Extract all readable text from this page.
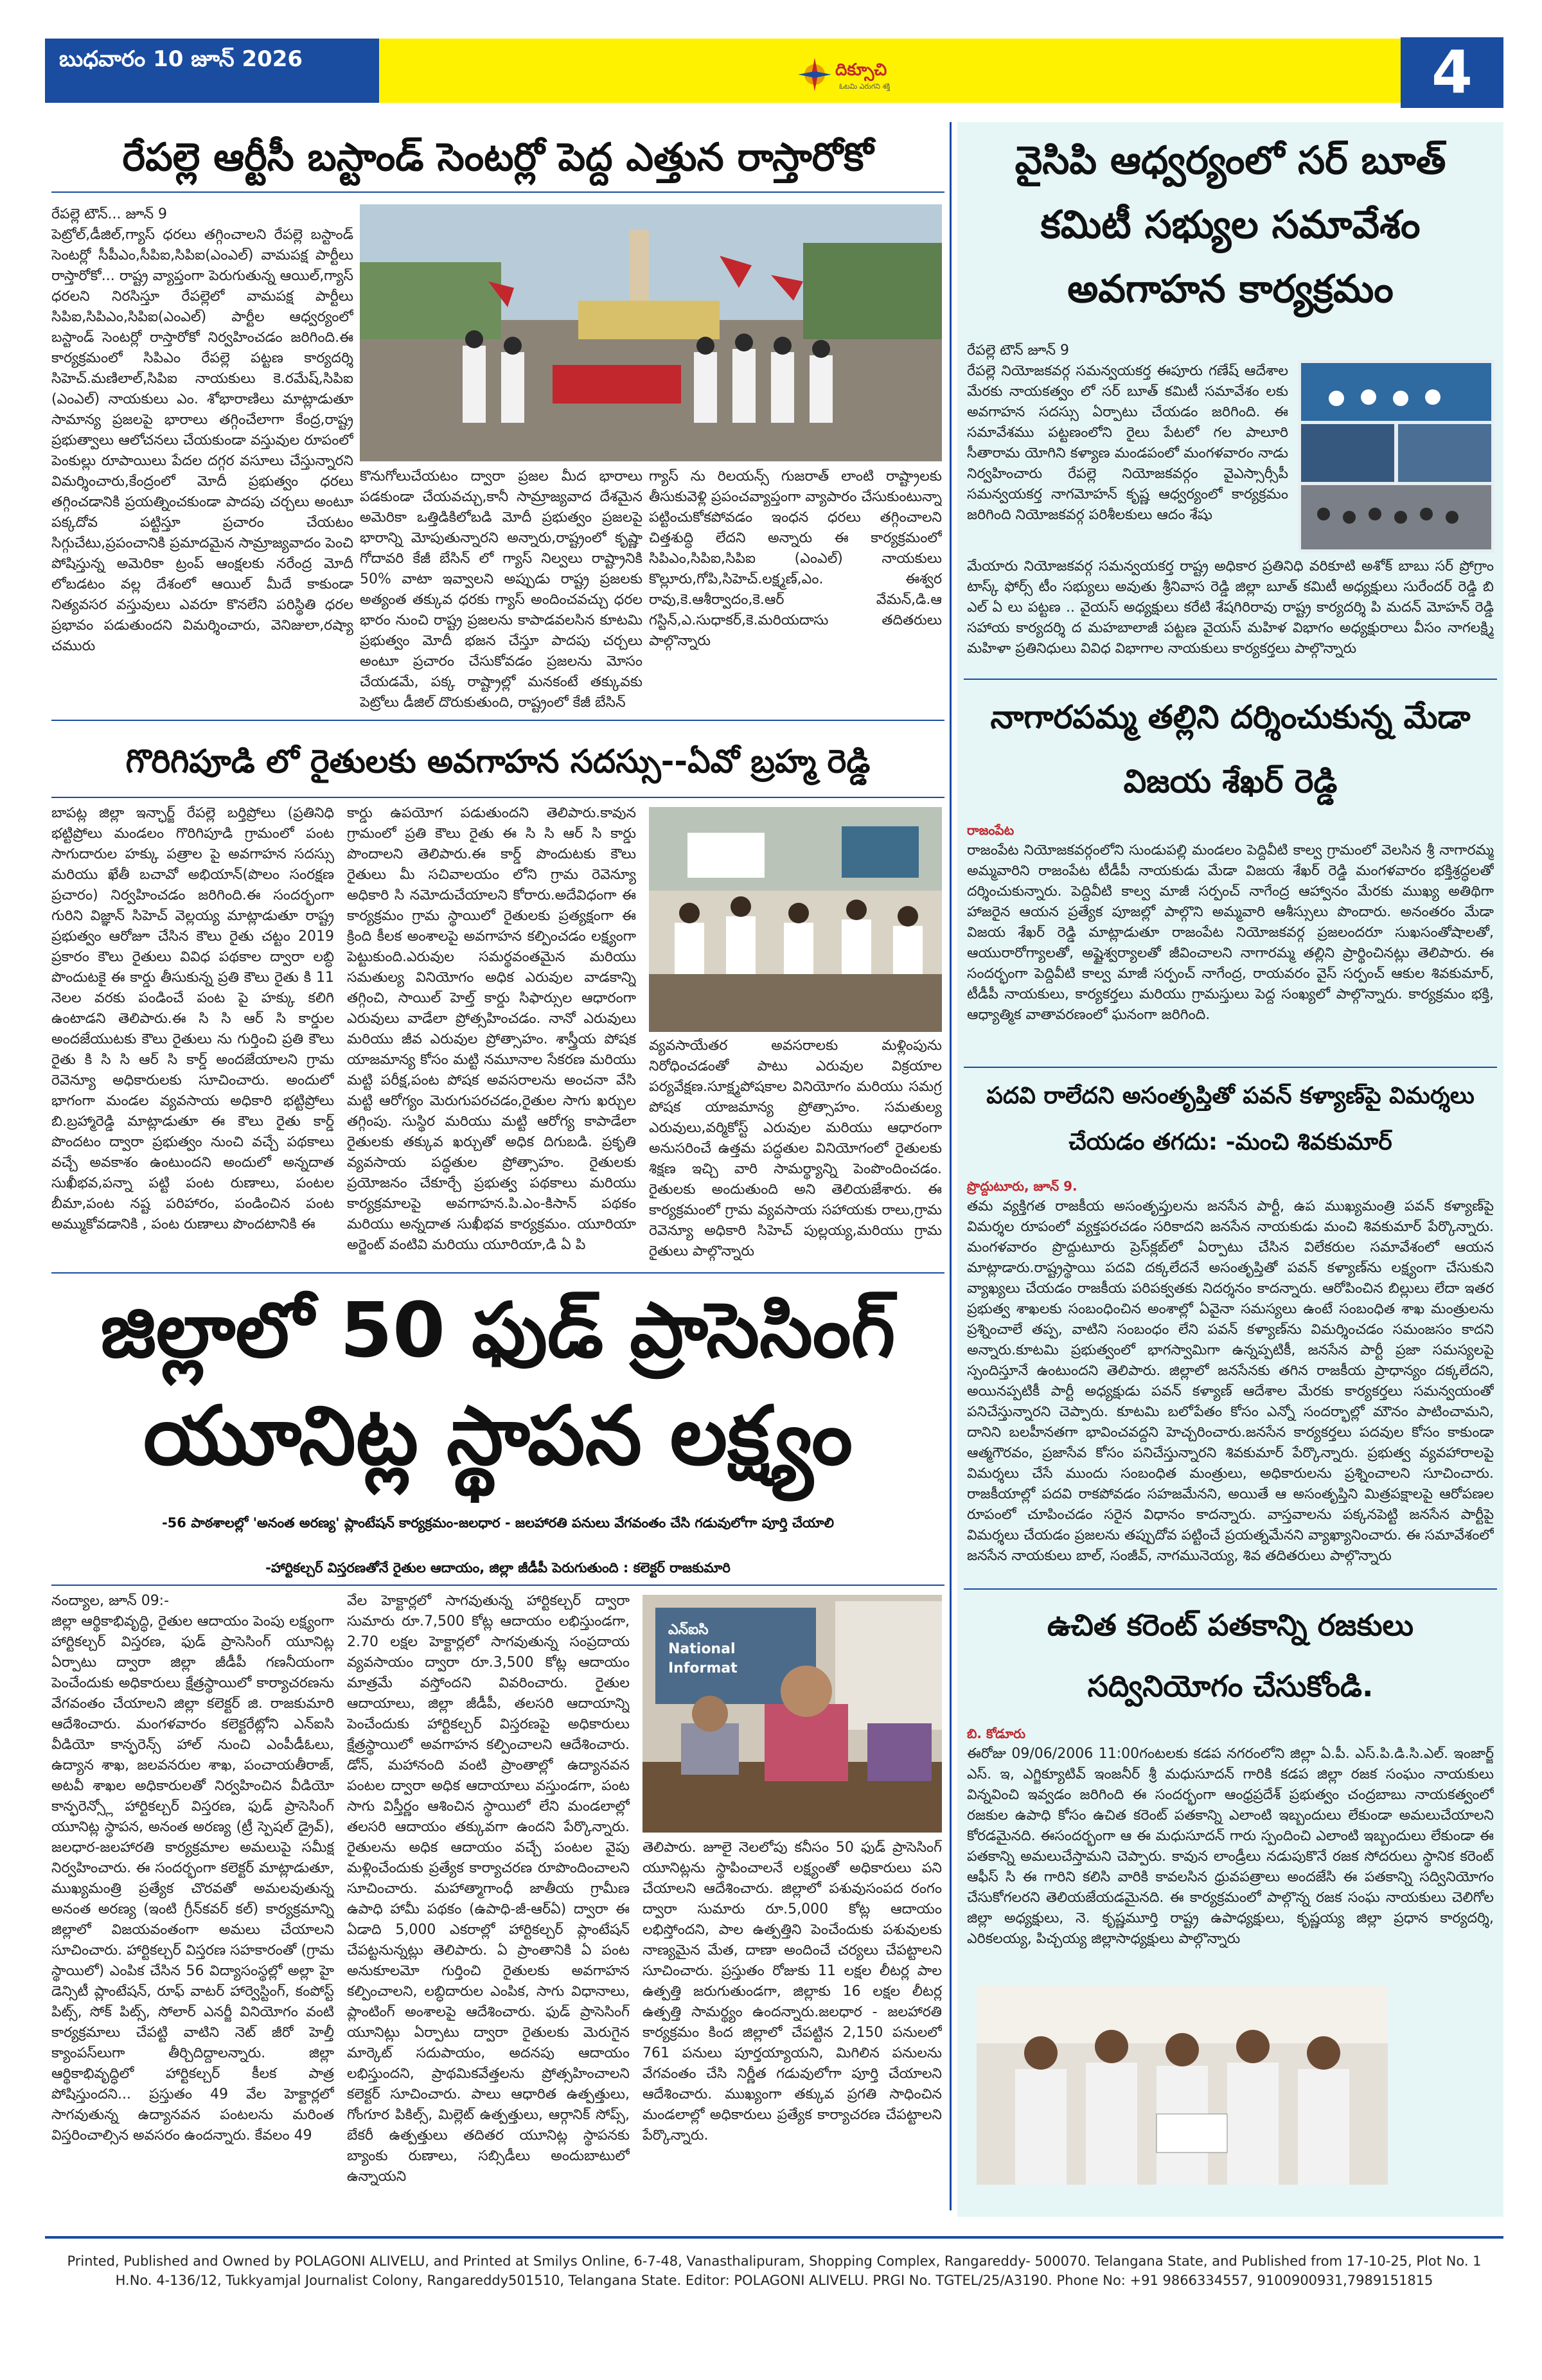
బుధవారం 10 జూన్ 2026	దిక్సూచి
ఓటమి ఎరుగని శక్తి	4
రేపల్లె ఆర్టీసీ బస్టాండ్ సెంటర్లో పెద్ద ఎత్తున రాస్తారోకో
రేపల్లె టౌన్... జూన్ 9
పెట్రోల్,డీజిల్,గ్యాస్ ధరలు తగ్గించాలని రేపల్లె బస్టాండ్ సెంటర్లో సీపీఎం,సీపిఐ,సిపిఐ(ఎంఎల్) వామపక్ష పార్టీలు రాస్తారోకో... రాష్ట్ర వ్యాప్తంగా పెరుగుతున్న ఆయిల్,గ్యాస్ ధరలని నిరసిస్తూ రేపల్లెలో వామపక్ష పార్టీలు సిపిఐ,సిపిఎం,సిపిఐ(ఎంఎల్) పార్టీల ఆధ్వర్యంలో బస్టాండ్ సెంటర్లో రాస్తారోకో నిర్వహించడం జరిగింది.ఈ కార్యక్రమంలో సిపిఎం రేపల్లె పట్టణ కార్యదర్శి సిహెచ్.మణిలాల్,సిపిఐ నాయకులు కె.రమేష్,సిపిఐ (ఎంఎల్) నాయకులు ఎం. శోభారాణిలు మాట్లాడుతూ సామాన్య ప్రజలపై భారాలు తగ్గించేలాగా కేంద్ర,రాష్ట్ర ప్రభుత్వాలు ఆలోచనలు చేయకుండా వస్తువుల రూపంలో పెంకుల్లు రూపాయిలు పేదల దగ్గర వసూలు చేస్తున్నారని విమర్శించారు,కేంద్రంలో మోదీ ప్రభుత్వం ధరలు తగ్గించడానికి ప్రయత్నించకుండా పాదపు చర్చలు అంటూ పక్కదోవ పట్టిస్తూ ప్రచారం చేయటం సిగ్గుచేటు,ప్రపంచానికి ప్రమాదమైన సామ్రాజ్యవాదం పెంచి పోషిస్తున్న అమెరికా ట్రంప్ ఆంక్షలకు నరేంద్ర మోదీ లోబడటం వల్ల దేశంలో ఆయిల్ మీదే కాకుండా నిత్యవసర వస్తువులు ఎవరూ కొనలేని పరిస్థితి ధరల ప్రభావం పడుతుందని విమర్శించారు, వెనిజులా,రష్యా చమురు
కొనుగోలుచేయటం ద్వారా ప్రజల మీద భారాలు పడకుండా చేయవచ్చు,కానీ సామ్రాజ్యవాద దేశమైన అమెరికా ఒత్తిడికిలోబడి మోదీ ప్రభుత్వం ప్రజలపై భారాన్ని మోపుతున్నారని అన్నారు,రాష్ట్రంలో కృష్ణా గోదావరి కేజీ బేసిన్ లో గ్యాస్ నిల్వలు రాష్ట్రానికి 50% వాటా ఇవ్వాలని అప్పుడు రాష్ట్ర ప్రజలకు అత్యంత తక్కువ ధరకు గ్యాస్ అందించవచ్చు ధరల భారం నుంచి రాష్ట్ర ప్రజలను కాపాడవలసిన కూటమి ప్రభుత్వం మోదీ భజన చేస్తూ పాదపు చర్చలు అంటూ ప్రచారం చేసుకోవడం ప్రజలను మోసం చేయడమే, పక్క రాష్ట్రాల్లో మనకంటే తక్కువకు పెట్రోలు డీజిల్ దొరుకుతుంది, రాష్ట్రంలో కేజీ బేసిన్
గ్యాస్ ను రిలయన్స్ గుజరాత్ లాంటి రాష్ట్రాలకు తీసుకువెళ్లి ప్రపంచవ్యాప్తంగా వ్యాపారం చేసుకుంటున్నా పట్టించుకోకపోవడం ఇంధన ధరలు తగ్గించాలని చిత్తశుద్ధి లేదని అన్నారు ఈ కార్యక్రమంలో సిపిఎం,సిపిఐ,సిపిఐ (ఎంఎల్) నాయకులు కొల్లూరు,గోపి,సిహెచ్.లక్ష్మణ్,ఎం. ఈశ్వర రావు,కె.ఆశీర్వాదం,కె.ఆర్ వేమన్,డి.ఆ గస్టిన్,ఎ.సుధాకర్,కె.మరియదాసు తదితరులు పాల్గొన్నారు
గొరిగిపూడి లో రైతులకు అవగాహన సదస్సు--ఏవో బ్రహ్మ రెడ్డి
బాపట్ల జిల్లా ఇన్ఛార్జ్ రేపల్లె బర్తిప్రోలు (ప్రతినిధి భట్టిప్రోలు మండలం గొరిగిపూడి గ్రామంలో పంట సాగుదారుల హక్కు పత్రాల పై అవగాహన సదస్సు మరియు ఖేతీ బచావో అభియాన్(పొలం సంరక్షణ ప్రచారం) నిర్వహించడం జరిగింది.ఈ సందర్భంగా గురిని విజ్ఞాన్ సిహెచ్ వెల్లయ్య మాట్లాడుతూ రాష్ట్ర ప్రభుత్వం ఆరోజూ చేసిన కౌలు రైతు చట్టం 2019 ప్రకారం కౌలు రైతులు వివిధ పథకాల ద్వారా లబ్ధి పొందుటకై ఈ కార్డు తీసుకున్న ప్రతి కౌలు రైతు కి 11 నెలల వరకు పండించే పంట పై హక్కు కలిగి ఉంటాడని తెలిపారు.ఈ సి సి ఆర్ సి కార్డుల అందజేయుటకు కౌలు రైతులు ను గుర్తించి ప్రతి కౌలు రైతు కి సి సి ఆర్ సి కార్డ్ అందజేయాలని గ్రామ రెవెన్యూ అధికారులకు సూచించారు. అందులో భాగంగా మండల వ్యవసాయ అధికారి భట్టిప్రోలు బి.బ్రహ్మారెడ్డి మాట్లాడుతూ ఈ కౌలు రైతు కార్డ్ పొందటం ద్వారా ప్రభుత్వం నుంచి వచ్చే పథకాలు వచ్చే అవకాశం ఉంటుందని అందులో అన్నదాత సుఖీభవ,పన్నా పట్టి పంట రుణాలు, పంటల బీమా,పంట నష్ట పరిహారం, పండించిన పంట అమ్ముకోవడానికి , పంట రుణాలు పొందటానికి ఈ
కార్డు ఉపయోగ పడుతుందని తెలిపారు.కావున గ్రామంలో ప్రతి కౌలు రైతు ఈ సి సి ఆర్ సి కార్డు పొందాలని తెలిపారు.ఈ కార్డ్ పొందుటకు కౌలు రైతులు మీ సచివాలయం లోని గ్రామ రెవెన్యూ అధికారి సి నమోదుచేయాలని కోరారు.అదేవిధంగా ఈ కార్యక్రమం గ్రామ స్థాయిలో రైతులకు ప్రత్యక్షంగా ఈ క్రింది కీలక అంశాలపై అవగాహన కల్పించడం లక్ష్యంగా పెట్టుకుంది.ఎరువుల సమర్థవంతమైన మరియు సమతుల్య వినియోగం అధిక ఎరువుల వాడకాన్ని తగ్గించి, సాయిల్ హెల్త్ కార్డు సిఫార్సుల ఆధారంగా ఎరువులు వాడేలా ప్రోత్సహించడం. నానో ఎరువులు మరియు జీవ ఎరువుల ప్రోత్సాహం. శాస్త్రీయ పోషక యాజమాన్య కోసం మట్టి నమూనాల సేకరణ మరియు మట్టి పరీక్ష,పంట పోషక అవసరాలను అంచనా వేసి మట్టి ఆరోగ్యం మెరుగుపరచడం,రైతుల సాగు ఖర్చుల తగ్గింపు. సుస్థిర మరియు మట్టి ఆరోగ్య కాపాడేలా రైతులకు తక్కువ ఖర్చుతో అధిక దిగుబడి. ప్రకృతి వ్యవసాయ పద్ధతుల ప్రోత్సాహం. రైతులకు ప్రయోజనం చేకూర్చే ప్రభుత్వ పథకాలు మరియు కార్యక్రమాలపై అవగాహన.పి.ఎం-కిసాన్ పథకం మరియు అన్నదాత సుఖీభవ కార్యక్రమం. యూరియా అర్జెంట్ వంటివి మరియు యూరియా,డి ఏ పి
వ్యవసాయేతర అవసరాలకు మళ్లింపును నిరోధించడంతో పాటు ఎరువుల విక్రయాల పర్యవేక్షణ.సూక్ష్మపోషకాల వినియోగం మరియు సమగ్ర పోషక యాజమాన్య ప్రోత్సాహం. సమతుల్య ఎరువులు,వర్మికోస్ట్ ఎరువుల మరియు ఆధారంగా అనుసరించే ఉత్తమ పద్ధతుల వినియోగంలో రైతులకు శిక్షణ ఇచ్చి వారి సామర్థ్యాన్ని పెంపొందించడం. రైతులకు అందుతుంది అని తెలియజేశారు. ఈ కార్యక్రమంలో గ్రామ వ్యవసాయ సహాయకు రాలు,గ్రామ రెవెన్యూ అధికారి సిహెచ్ పుల్లయ్య,మరియు గ్రామ రైతులు పాల్గొన్నారు
జిల్లాలో 50 ఫుడ్ ప్రాసెసింగ్
యూనిట్ల స్థాపన లక్ష్యం
-56 పాఠశాలల్లో 'అనంత అరణ్య' ప్లాంటేషన్ కార్యక్రమం-జలధార - జలహారతి పనులు వేగవంతం చేసి గడువులోగా పూర్తి చేయాలి
-హార్టికల్చర్ విస్తరణతోనే రైతుల ఆదాయం, జిల్లా జీడీపీ పెరుగుతుంది : కలెక్టర్ రాజకుమారి
నంద్యాల, జూన్ 09:-
జిల్లా ఆర్థికాభివృద్ధి, రైతుల ఆదాయం పెంపు లక్ష్యంగా హార్టికల్చర్ విస్తరణ, ఫుడ్ ప్రాసెసింగ్ యూనిట్ల ఏర్పాటు ద్వారా జిల్లా జీడీపీ గణనీయంగా పెంచేందుకు అధికారులు క్షేత్రస్థాయిలో కార్యాచరణను వేగవంతం చేయాలని జిల్లా కలెక్టర్ జి. రాజకుమారి ఆదేశించారు. మంగళవారం కలెక్టరేట్లోని ఎన్ఐసి వీడియో కాన్ఫరెన్స్ హాల్ నుంచి ఎంపీడీఓలు, ఉద్యాన శాఖ, జలవనరుల శాఖ, పంచాయతీరాజ్, అటవీ శాఖల అధికారులతో నిర్వహించిన వీడియో కాన్ఫరెన్స్లో హార్టికల్చర్ విస్తరణ, ఫుడ్ ప్రాసెసింగ్ యూనిట్ల స్థాపన, అనంత అరణ్య (ట్రీ స్పెషల్ డ్రైవ్), జలధార-జలహారతి కార్యక్రమాల అమలుపై సమీక్ష నిర్వహించారు. ఈ సందర్భంగా కలెక్టర్ మాట్లాడుతూ, ముఖ్యమంత్రి ప్రత్యేక చొరవతో అమలవుతున్న అనంత అరణ్య (ఇంటి గ్రీన్‌కవర్ కల్) కార్యక్రమాన్ని జిల్లాలో విజయవంతంగా అమలు చేయాలని సూచించారు. హార్టికల్చర్ విస్తరణ సహకారంతో (గ్రామ స్థాయిలో) ఎంపిక చేసిన 56 విద్యాసంస్థల్లో అల్లా హై డెన్సిటీ ప్లాంటేషన్, రూఫ్ వాటర్ హార్వెస్టింగ్, కంపోస్ట్ పిట్స్, సోక్ పిట్స్, సోలార్ ఎనర్జీ వినియోగం వంటి కార్యక్రమాలు చేపట్టి వాటిని నెట్ జీరో హెల్తీ క్యాంపస్‌లుగా తీర్చిదిద్దాలన్నారు. జిల్లా ఆర్థికాభివృద్ధిలో హార్టికల్చర్ కీలక పాత్ర పోషిస్తుందని... ప్రస్తుతం 49 వేల హెక్టార్లలో సాగవుతున్న ఉద్యానవన పంటలను మరింత విస్తరించాల్సిన అవసరం ఉందన్నారు. కేవలం 49
వేల హెక్టార్లలో సాగవుతున్న హార్టికల్చర్ ద్వారా సుమారు రూ.7,500 కోట్ల ఆదాయం లభిస్తుండగా, 2.70 లక్షల హెక్టార్లలో సాగవుతున్న సంప్రదాయ వ్యవసాయం ద్వారా రూ.3,500 కోట్ల ఆదాయం మాత్రమే వస్తోందని వివరించారు. రైతుల ఆదాయాలు, జిల్లా జీడీపీ, తలసరి ఆదాయాన్ని పెంచేందుకు హార్టికల్చర్ విస్తరణపై అధికారులు క్షేత్రస్థాయిలో అవగాహన కల్పించాలని ఆదేశించారు. డోన్, మహానంది వంటి ప్రాంతాల్లో ఉద్యానవన పంటల ద్వారా అధిక ఆదాయాలు వస్తుండగా, పంట సాగు విస్తీర్ణం ఆశించిన స్థాయిలో లేని మండలాల్లో తలసరి ఆదాయం తక్కువగా ఉందని పేర్కొన్నారు. రైతులను అధిక ఆదాయం వచ్చే పంటల వైపు మళ్లించేందుకు ప్రత్యేక కార్యాచరణ రూపొందించాలని సూచించారు. మహాత్మాగాంధీ జాతీయ గ్రామీణ ఉపాధి హామీ పథకం (ఉపాధి-జీ-ఆర్ఏ) ద్వారా ఈ ఏడాది 5,000 ఎకరాల్లో హార్టికల్చర్ ప్లాంటేషన్ చేపట్టనున్నట్లు తెలిపారు. ఏ ప్రాంతానికి ఏ పంట అనుకూలమో గుర్తించి రైతులకు అవగాహన కల్పించాలని, లబ్ధిదారుల ఎంపిక, సాగు విధానాలు, ప్లాంటింగ్ అంశాలపై ఆదేశించారు. ఫుడ్ ప్రాసెసింగ్ యూనిట్లు ఏర్పాటు ద్వారా రైతులకు మెరుగైన మార్కెట్ సదుపాయం, అదనపు ఆదాయం లభిస్తుందని, ప్రాథమికవేత్తలను ప్రోత్సహించాలని కలెక్టర్ సూచించారు. పాలు ఆధారిత ఉత్పత్తులు, గోంగూర పికిల్స్, మిల్లెట్ ఉత్పత్తులు, ఆర్గానిక్ సోప్స్, బేకరీ ఉత్పత్తులు తదితర యూనిట్ల స్థాపనకు బ్యాంకు రుణాలు, సబ్సిడీలు అందుబాటులో ఉన్నాయని
ఎన్ఐసి
National
Informat
తెలిపారు. జూలై నెలలోపు కనీసం 50 ఫుడ్ ప్రాసెసింగ్ యూనిట్లను స్థాపించాలనే లక్ష్యంతో అధికారులు పని చేయాలని ఆదేశించారు. జిల్లాలో పశువుసంపద రంగం ద్వారా సుమారు రూ.5,000 కోట్ల ఆదాయం లభిస్తోందని, పాల ఉత్పత్తిని పెంచేందుకు పశువులకు నాణ్యమైన మేత, దాణా అందించే చర్యలు చేపట్టాలని సూచించారు. ప్రస్తుతం రోజుకు 11 లక్షల లీటర్ల పాల ఉత్పత్తి జరుగుతుండగా, జిల్లాకు 16 లక్షల లీటర్ల ఉత్పత్తి సామర్థ్యం ఉందన్నారు.జలధార - జలహారతి కార్యక్రమం కింద జిల్లాలో చేపట్టిన 2,150 పనులలో 761 పనులు పూర్తయ్యాయని, మిగిలిన పనులను వేగవంతం చేసి నిర్ణీత గడువులోగా పూర్తి చేయాలని ఆదేశించారు. ముఖ్యంగా తక్కువ ప్రగతి సాధించిన మండలాల్లో అధికారులు ప్రత్యేక కార్యాచరణ చేపట్టాలని పేర్కొన్నారు.
వైసిపి ఆధ్వర్యంలో సర్ బూత్ కమిటీ సభ్యుల సమావేశం అవగాహన కార్యక్రమం
రేపల్లె టౌన్ జూన్ 9
రేపల్లె నియోజకవర్గ సమన్వయకర్త ఈపూరు గణేష్ ఆదేశాల మేరకు నాయకత్వం లో సర్ బూత్ కమిటీ సమావేశం లకు అవగాహన సదస్సు ఏర్పాటు చేయడం జరిగింది. ఈ సమావేశము పట్టణంలోని రైలు పేటలో గల పాలూరి సీతారామ యోగిని కళ్యాణ మండపంలో మంగళవారం నాడు నిర్వహించారు రేపల్లె నియోజకవర్గం వైఎస్సార్సీపీ సమన్వయకర్త నాగమోహన్ కృష్ణ ఆధ్వర్యంలో కార్యక్రమం జరిగింది నియోజకవర్గ పరిశీలకులు ఆదం శేషు
మేయారు నియోజకవర్గ సమన్వయకర్త రాష్ట్ర అధికార ప్రతినిధి వరికూటి అశోక్ బాబు సర్ ప్రోగ్రాం టాస్క్ ఫోర్స్ టీం సభ్యులు అవుతు శ్రీనివాస రెడ్డి జిల్లా బూత్ కమిటీ అధ్యక్షులు సురేందర్ రెడ్డి బి ఎల్ ఏ లు పట్టణ .. వైయస్ అధ్యక్షులు కరేటి శేషగిరిరావు రాష్ట్ర కార్యదర్శి పి మదన్ మోహన్ రెడ్డి సహాయ కార్యదర్శి ద మహబాలాజీ పట్టణ వైయస్ మహిళ విభాగం అధ్యక్షురాలు వీసం నాగలక్ష్మి మహిళా ప్రతినిధులు వివిధ విభాగాల నాయకులు కార్యకర్తలు పాల్గొన్నారు
నాగారపమ్మ తల్లిని దర్శించుకున్న మేడా విజయ శేఖర్ రెడ్డి
రాజంపేట
రాజంపేట నియోజకవర్గంలోని సుండుపల్లి మండలం పెద్దివీటి కాల్వ గ్రామంలో వెలసిన శ్రీ నాగారమ్మ అమ్మవారిని రాజంపేట టీడీపీ నాయకుడు మేడా విజయ శేఖర్ రెడ్డి మంగళవారం భక్తిశ్రద్ధలతో దర్శించుకున్నారు. పెద్దివీటి కాల్వ మాజీ సర్పంచ్ నాగేంద్ర ఆహ్వానం మేరకు ముఖ్య అతిథిగా హాజరైన ఆయన ప్రత్యేక పూజల్లో పాల్గొని అమ్మవారి ఆశీస్సులు పొందారు. అనంతరం మేడా విజయ శేఖర్ రెడ్డి మాట్లాడుతూ రాజంపేట నియోజకవర్గ ప్రజలందరూ సుఖసంతోషాలతో, ఆయురారోగ్యాలతో, అష్టైశ్వర్యాలతో జీవించాలని నాగారమ్మ తల్లిని ప్రార్థించినట్లు తెలిపారు. ఈ సందర్భంగా పెద్దివీటి కాల్వ మాజీ సర్పంచ్ నాగేంద్ర, రాయవరం వైస్ సర్పంచ్ ఆకుల శివకుమార్, టీడీపీ నాయకులు, కార్యకర్తలు మరియు గ్రామస్తులు పెద్ద సంఖ్యలో పాల్గొన్నారు. కార్యక్రమం భక్తి, ఆధ్యాత్మిక వాతావరణంలో ఘనంగా జరిగింది.
పదవి రాలేదని అసంతృప్తితో పవన్ కళ్యాణ్‌పై విమర్శలు చేయడం తగదు: -మంచి శివకుమార్
ప్రొద్దుటూరు, జూన్ 9.
తమ వ్యక్తిగత రాజకీయ అసంతృప్తులను జనసేన పార్టీ, ఉప ముఖ్యమంత్రి పవన్ కళ్యాణ్‌పై విమర్శల రూపంలో వ్యక్తపరచడం సరికాదని జనసేన నాయకుడు మంచి శివకుమార్ పేర్కొన్నారు. మంగళవారం ప్రొద్దుటూరు ప్రెస్‌క్లబ్‌లో ఏర్పాటు చేసిన విలేకరుల సమావేశంలో ఆయన మాట్లాడారు.రాష్ట్రస్థాయి పదవి దక్కలేదనే అసంతృప్తితో పవన్ కళ్యాణ్‌ను లక్ష్యంగా చేసుకుని వ్యాఖ్యలు చేయడం రాజకీయ పరిపక్వతకు నిదర్శనం కాదన్నారు. ఆరోపించిన బిల్లులు లేదా ఇతర ప్రభుత్వ శాఖలకు సంబంధించిన అంశాల్లో ఏవైనా సమస్యలు ఉంటే సంబంధిత శాఖ మంత్రులను ప్రశ్నించాలే తప్ప, వాటిని సంబంధం లేని పవన్ కళ్యాణ్‌ను విమర్శించడం సమంజసం కాదని అన్నారు.కూటమి ప్రభుత్వంలో భాగస్వామిగా ఉన్నప్పటికీ, జనసేన పార్టీ ప్రజా సమస్యలపై స్పందిస్తూనే ఉంటుందని తెలిపారు. జిల్లాలో జనసేనకు తగిన రాజకీయ ప్రాధాన్యం దక్కలేదని, అయినప్పటికీ పార్టీ అధ్యక్షుడు పవన్ కళ్యాణ్ ఆదేశాల మేరకు కార్యకర్తలు సమన్వయంతో పనిచేస్తున్నారని చెప్పారు. కూటమి బలోపేతం కోసం ఎన్నో సందర్భాల్లో మౌనం పాటించామని, దానిని బలహీనతగా భావించవద్దని హెచ్చరించారు.జనసేన కార్యకర్తలు పదవుల కోసం కాకుండా ఆత్మగౌరవం, ప్రజాసేవ కోసం పనిచేస్తున్నారని శివకుమార్ పేర్కొన్నారు. ప్రభుత్వ వ్యవహారాలపై విమర్శలు చేసే ముందు సంబంధిత మంత్రులు, అధికారులను ప్రశ్నించాలని సూచించారు. రాజకీయాల్లో పదవి రాకపోవడం సహజమేనని, అయితే ఆ అసంతృప్తిని మిత్రపక్షాలపై ఆరోపణల రూపంలో చూపించడం సరైన విధానం కాదన్నారు. వాస్తవాలను పక్కనపెట్టి జనసేన పార్టీపై విమర్శలు చేయడం ప్రజలను తప్పుదోవ పట్టించే ప్రయత్నమేనని వ్యాఖ్యానించారు. ఈ సమావేశంలో జనసేన నాయకులు బాల్, సంజీవ్, నాగమునెయ్య, శివ తదితరులు పాల్గొన్నారు
ఉచిత కరెంట్ పతకాన్ని రజకులు సద్వినియోగం చేసుకోండి.
బి. కోడూరు
ఈరోజు 09/06/2006 11:00గంటలకు కడప నగరంలోని జిల్లా ఏ.పీ. ఎస్.పి.డి.సి.ఎల్. ఇంజార్జ్ ఎస్. ఇ, ఎగ్జిక్యూటివ్ ఇంజనీర్ శ్రీ మధుసూదన్ గారికి కడప జిల్లా రజక సంఘం నాయకులు విన్నవించి ఇవ్వడం జరిగింది ఈ సందర్భంగా ఆంధ్రప్రదేశ్ ప్రభుత్వం చంద్రబాబు నాయకత్వంలో రజకుల ఉపాధి కోసం ఉచిత కరెంట్ పతకాన్ని ఎలాంటి ఇబ్బందులు లేకుండా అమలుచేయాలని కోరడమైనది. ఈసందర్భంగా ఆ ఈ మధుసూదన్ గారు స్పందించి ఎలాంటి ఇబ్బందులు లేకుండా ఈ పతకాన్ని అమలుచేస్తామని చెప్పారు. కావున లాండ్రీలు నడుపుకొనే రజక సోదరులు స్థానిక కరెంట్ ఆఫీస్ సి ఈ గారిని కలిసి వారికి కావలసిన ధ్రువపత్రాలు అందజేసి ఈ పతకాన్ని సద్వినియోగం చేసుకోగలరని తెలియజేయడమైనది. ఈ కార్యక్రమంలో పాల్గొన్న రజక సంఘ నాయకులు చెలిగోల జిల్లా అధ్యక్షులు, నె. కృష్ణమూర్తి రాష్ట్ర ఉపాధ్యక్షులు, కృష్ణయ్య జిల్లా ప్రధాన కార్యదర్శి, ఎరికలయ్య, పిచ్చయ్య జిల్లాసాధ్యక్షులు పాల్గొన్నారు
Printed, Published and Owned by POLAGONI ALIVELU, and Printed at Smilys Online, 6-7-48, Vanasthalipuram, Shopping Complex, Rangareddy- 500070. Telangana State, and Published from 17-10-25, Plot No. 1
H.No. 4-136/12, Tukkyamjal Journalist Colony, Rangareddy501510, Telangana State. Editor: POLAGONI ALIVELU. PRGI No. TGTEL/25/A3190. Phone No: +91 9866334557, 9100900931,7989151815
